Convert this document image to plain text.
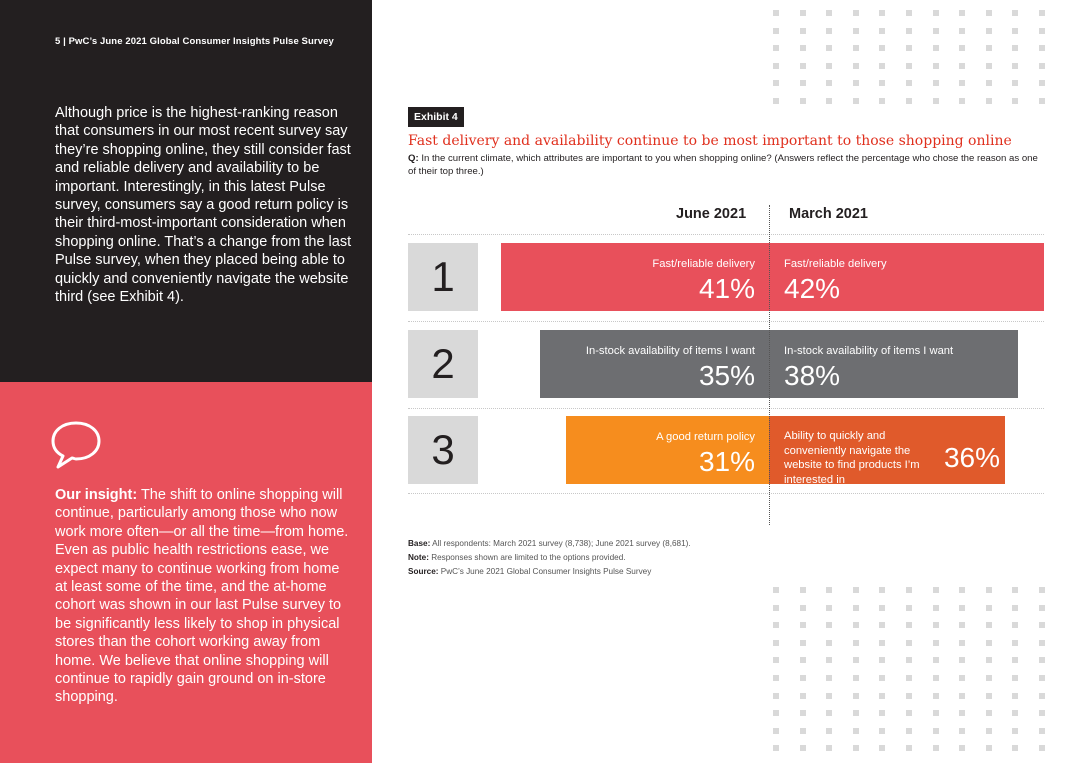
5 | PwC’s June 2021 Global Consumer Insights Pulse Survey
Although price is the highest-ranking reason that consumers in our most recent survey say they’re shopping online, they still consider fast and reliable delivery and availability to be important. Interestingly, in this latest Pulse survey, consumers say a good return policy is their third-most-important consideration when shopping online. That’s a change from the last Pulse survey, when they placed being able to quickly and conveniently navigate the website third (see Exhibit 4).
Our insight: The shift to online shopping will continue, particularly among those who now work more often—or all the time—from home. Even as public health restrictions ease, we expect many to continue working from home at least some of the time, and the at-home cohort was shown in our last Pulse survey to be significantly less likely to shop in physical stores than the cohort working away from home. We believe that online shopping will continue to rapidly gain ground on in-store shopping.
Exhibit 4
Fast delivery and availability continue to be most important to those shopping online
Q: In the current climate, which attributes are important to you when shopping online? (Answers reflect the percentage who chose the reason as one of their top three.)
June 2021	March 2021
1	Fast/reliable delivery
41%
Fast/reliable delivery
42%
2	In-stock availability of items I want
35%
In-stock availability of items I want
38%
3	A good return policy
31%
Ability to quickly and conveniently navigate the website to find products I’m interested in
36%
Base: All respondents: March 2021 survey (8,738); June 2021 survey (8,681).
Note: Responses shown are limited to the options provided.
Source: PwC’s June 2021 Global Consumer Insights Pulse Survey
